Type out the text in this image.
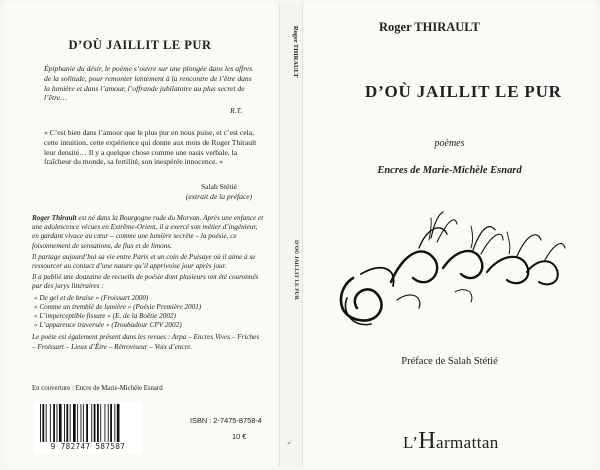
D’OÙ JAILLIT LE PUR
Épiphanie du désir, le poème s’ouvre sur une plongée dans les affres de la solitude, pour remonter lentement à la rencontre de l’être dans la lumière et dans l’amour, l’offrande jubilatoire au plus secret de l’être…
R.T.
« C’est bien dans l’amour que le plus pur en nous puise, et c’est cela, cette intuition, cette expérience qui donne aux mots de Roger Thirault leur densité… Il y a quelque chose comme une oasis verbale, la fraîcheur du monde, sa fertilité, son inespérée innocence. »
Salah Stétié
(extrait de la préface)

Roger Thirault est né dans la Bourgogne rude du Morvan. Après une enfance et une adolescence vécues en Extrême-Orient, il a exercé son métier d’ingénieur, en gardant vivace au cœur – comme une lumière secrète – la poésie, ce foisonnement de sensations, de flux et de limons.

Il partage aujourd’hui sa vie entre Paris et un coin de Puisaye où il aime à se ressourcer au contact d’une nature qu’il apprivoise jour après jour.

Il a publié une douzaine de recueils de poésie dont plusieurs ont été couronnés par des jurys littéraires :

« De gel et de braise » (Froissart 2000)
« Comme un tremblé de lumière » (Poésie Première 2001)
« L’imperceptible fissure » (E. de la Boëtie 2002)
« L’apparence traversée » (Troubadour CPV 2002)

Le poète est également présent dans les revues : Arpa – Encres Vives – Friches – Froissart – Lieux d’Être – Rétroviseur – Voix d’encre.

En couverture : Encre de Marie-Michèle Esnard
9 782747 587587
ISBN : 2-7475-8758-4
10 €
Roger THIRAULT
D’OÙ JAILLIT LE PUR
⸝
Roger THIRAULT
D’OÙ JAILLIT LE PUR
poèmes
Encres de Marie-Michèle Esnard
Préface de Salah Stétié
L’Harmattan
